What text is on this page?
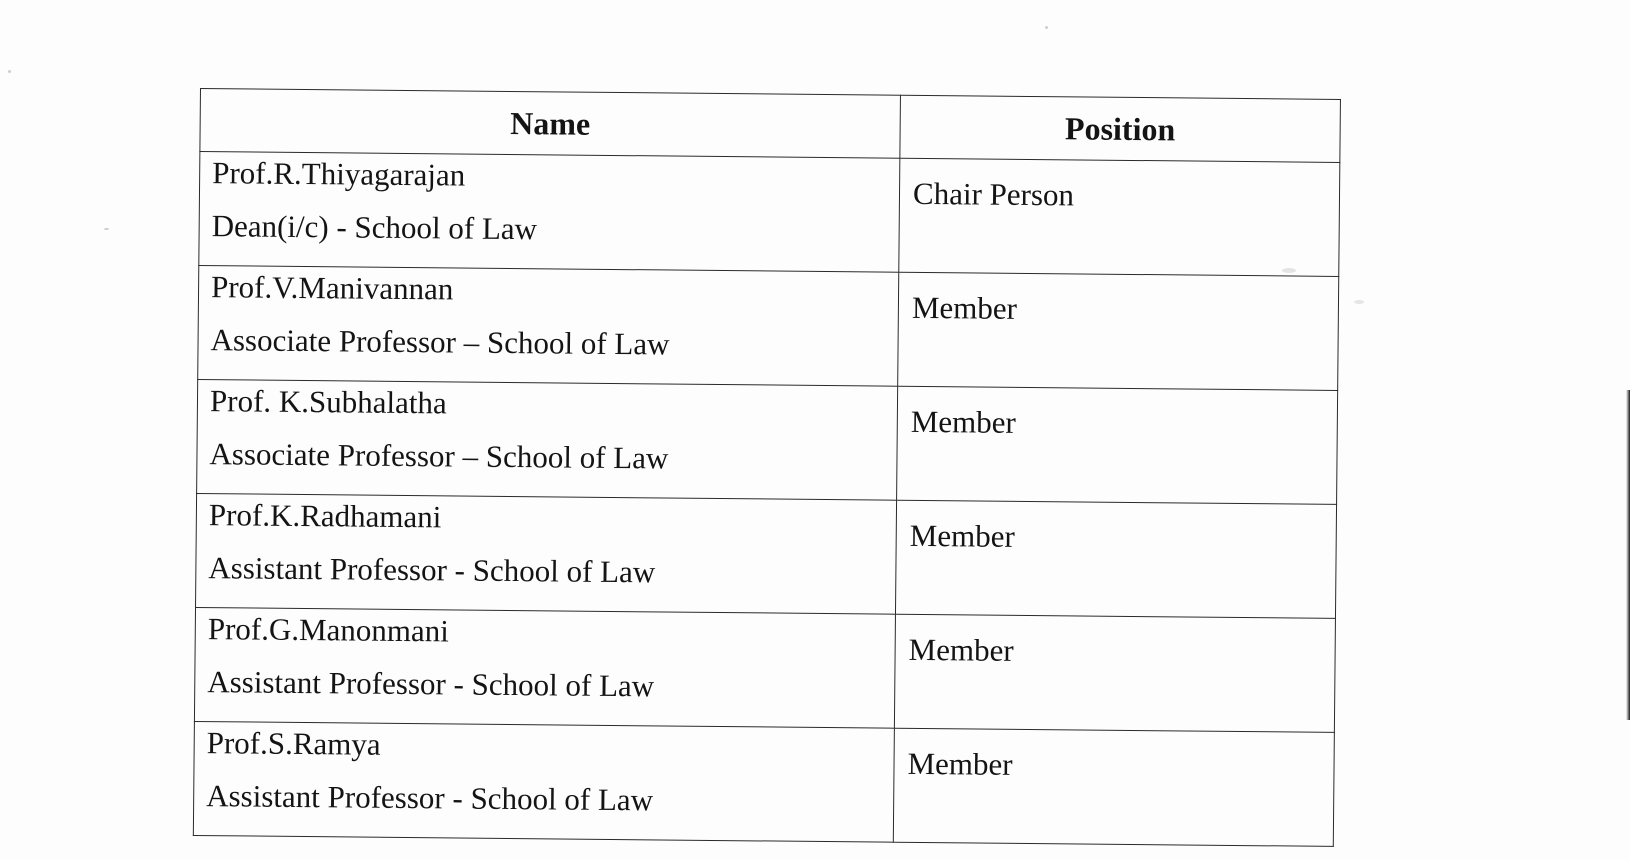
Name	Position

Prof.R.Thiyagarajan
Dean(i/c) - School of Law	Chair Person

Prof.V.Manivannan
Associate Professor – School of Law	Member

Prof. K.Subhalatha
Associate Professor – School of Law	Member

Prof.K.Radhamani
Assistant Professor - School of Law	Member

Prof.G.Manonmani
Assistant Professor - School of Law	Member

Prof.S.Ramya
Assistant Professor - School of Law	Member
